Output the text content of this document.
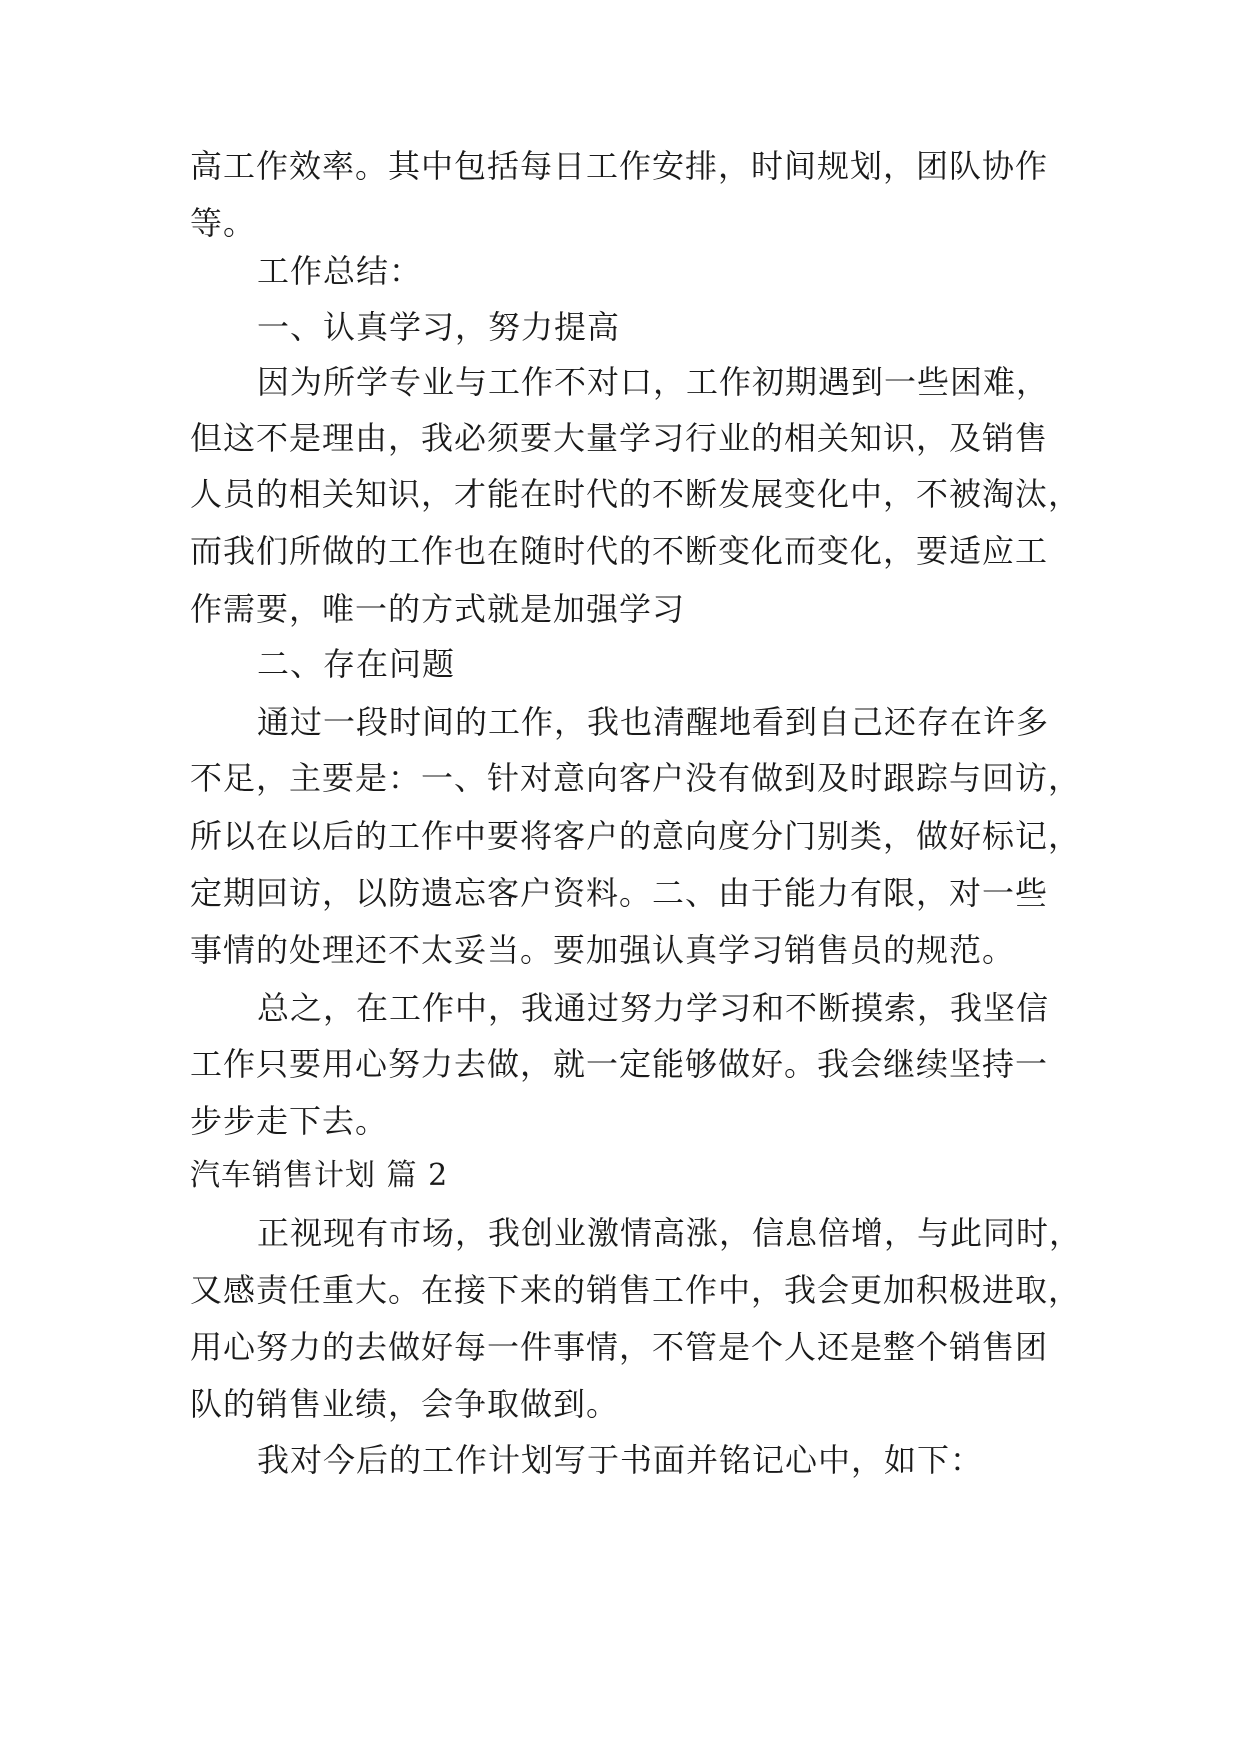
高工作效率。其中包括每日工作安排，时间规划，团队协作
等。
工作总结：
一、认真学习，努力提高
因为所学专业与工作不对口，工作初期遇到一些困难，
但这不是理由，我必须要大量学习行业的相关知识，及销售
人员的相关知识，才能在时代的不断发展变化中，不被淘汰，
而我们所做的工作也在随时代的不断变化而变化，要适应工
作需要，唯一的方式就是加强学习
二、存在问题
通过一段时间的工作，我也清醒地看到自己还存在许多
不足，主要是：一、针对意向客户没有做到及时跟踪与回访，
所以在以后的工作中要将客户的意向度分门别类，做好标记，
定期回访，以防遗忘客户资料。二、由于能力有限，对一些
事情的处理还不太妥当。要加强认真学习销售员的规范。
总之，在工作中，我通过努力学习和不断摸索，我坚信
工作只要用心努力去做，就一定能够做好。我会继续坚持一
步步走下去。
汽车销售计划 篇 2
正视现有市场，我创业激情高涨，信息倍增，与此同时，
又感责任重大。在接下来的销售工作中，我会更加积极进取，
用心努力的去做好每一件事情，不管是个人还是整个销售团
队的销售业绩，会争取做到。
我对今后的工作计划写于书面并铭记心中，如下：
